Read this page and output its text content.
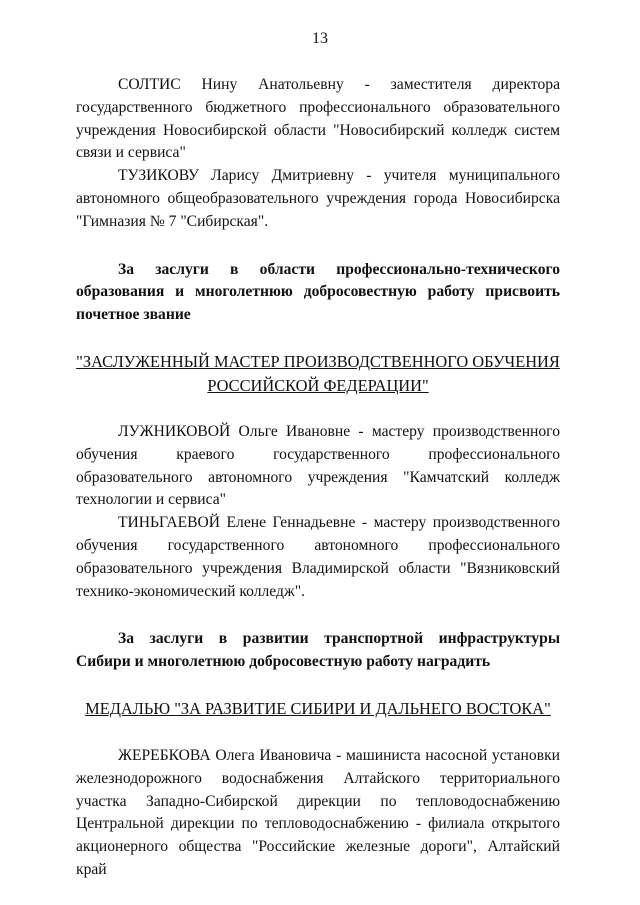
13

СОЛТИС Нину Анатольевну - заместителя директора государственного бюджетного профессионального образовательного учреждения Новосибирской области "Новосибирский колледж систем связи и сервиса"

ТУЗИКОВУ Ларису Дмитриевну - учителя муниципального автономного общеобразовательного учреждения города Новосибирска "Гимназия № 7 "Сибирская".

За заслуги в области профессионально-технического образования и многолетнюю добросовестную работу присвоить почетное звание

"ЗАСЛУЖЕННЫЙ МАСТЕР ПРОИЗВОДСТВЕННОГО ОБУЧЕНИЯ РОССИЙСКОЙ ФЕДЕРАЦИИ"

ЛУЖНИКОВОЙ Ольге Ивановне - мастеру производственного обучения краевого государственного профессионального образовательного автономного учреждения "Камчатский колледж технологии и сервиса"

ТИНЬГАЕВОЙ Елене Геннадьевне - мастеру производственного обучения государственного автономного профессионального образовательного учреждения Владимирской области "Вязниковский технико-экономический колледж".

За заслуги в развитии транспортной инфраструктуры Сибири и многолетнюю добросовестную работу наградить

МЕДАЛЬЮ "ЗА РАЗВИТИЕ СИБИРИ И ДАЛЬНЕГО ВОСТОКА"

ЖЕРЕБКОВА Олега Ивановича - машиниста насосной установки железнодорожного водоснабжения Алтайского территориального участка Западно-Сибирской дирекции по тепловодоснабжению Центральной дирекции по тепловодоснабжению - филиала открытого акционерного общества "Российские железные дороги", Алтайский край
